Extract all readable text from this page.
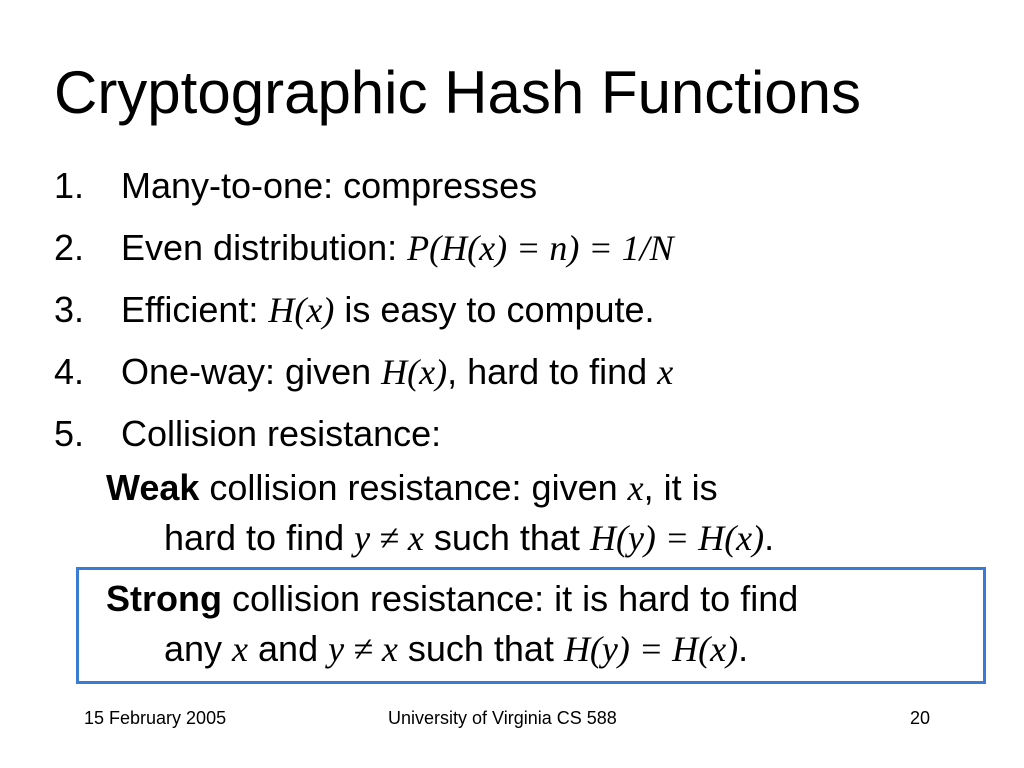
Cryptographic Hash Functions
1. Many-to-one: compresses
2. Even distribution: P(H(x) = n) = 1/N
3. Efficient: H(x) is easy to compute.
4. One-way: given H(x), hard to find x
5. Collision resistance:
Weak collision resistance: given x, it is
hard to find y ≠ x such that H(y) = H(x).
Strong collision resistance: it is hard to find
any x and y ≠ x such that H(y) = H(x).
15 February 2005	University of Virginia CS 588	20
